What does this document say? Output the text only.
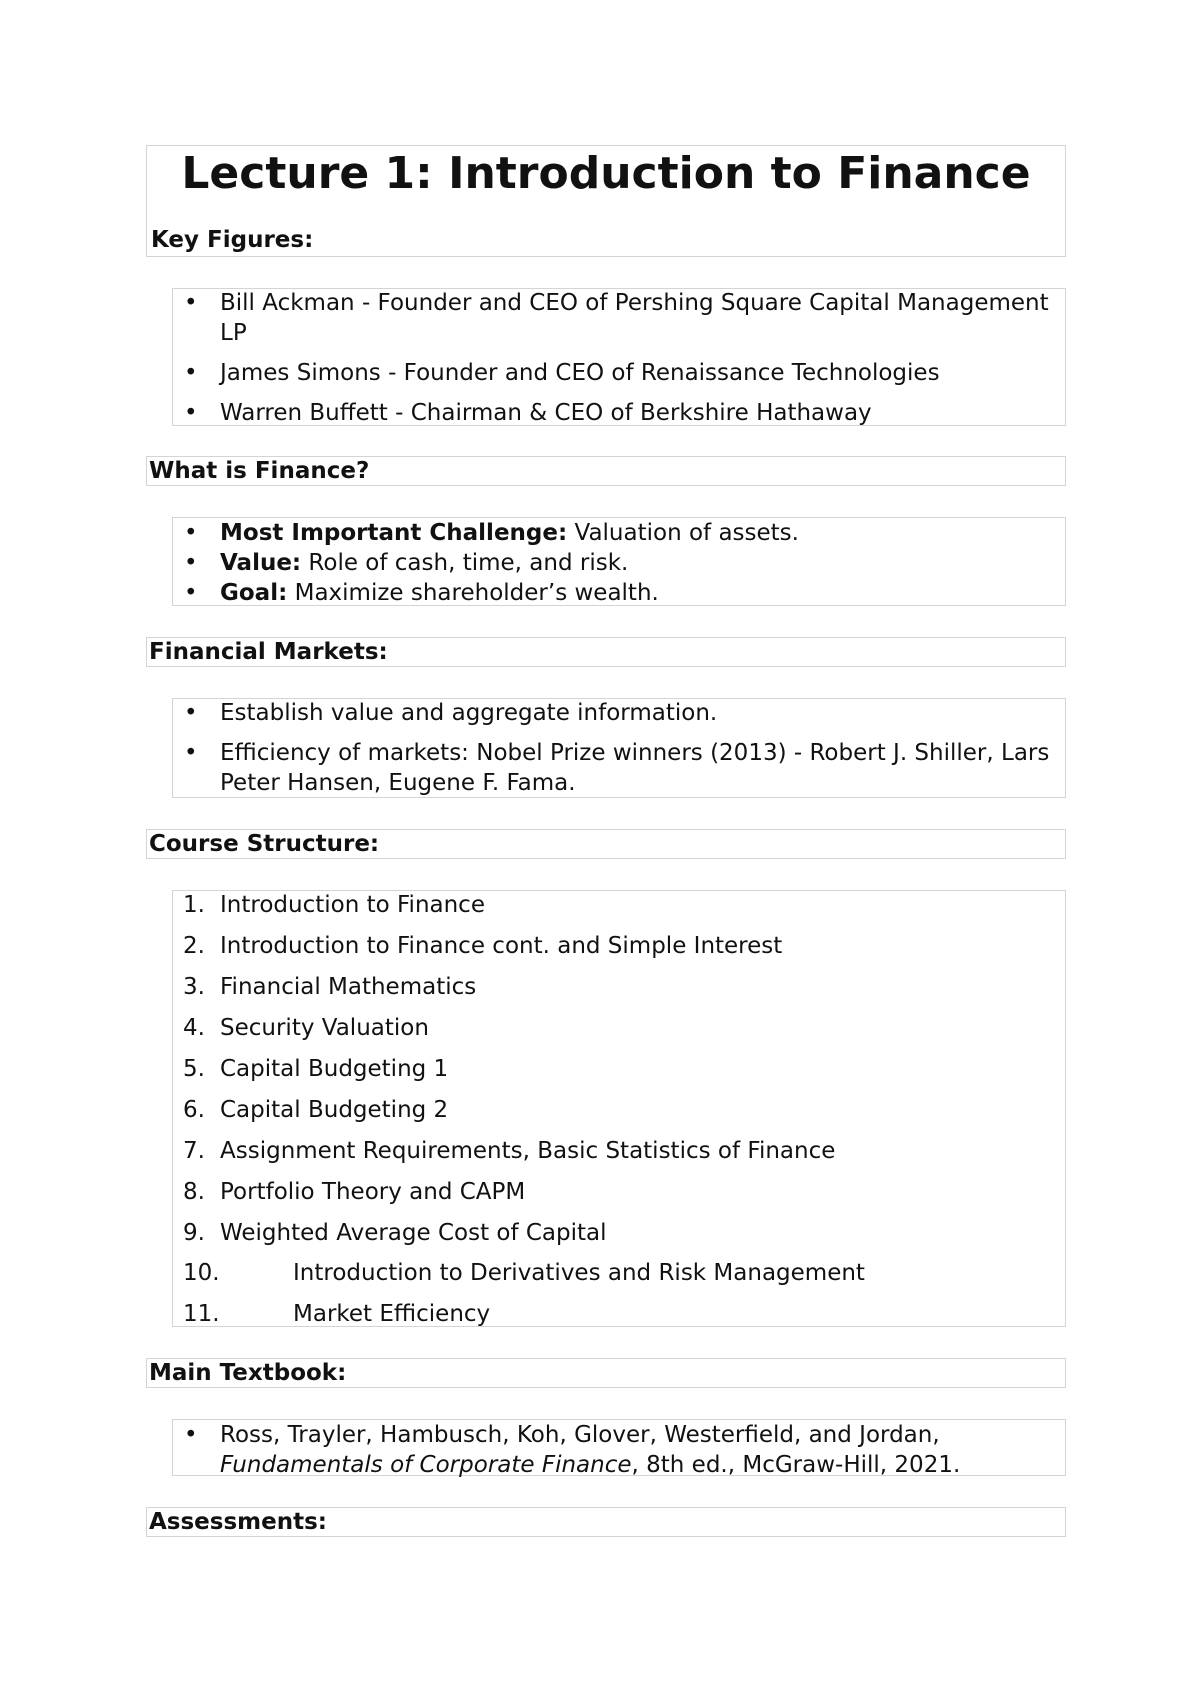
Lecture 1: Introduction to Finance
Key Figures:
• Bill Ackman - Founder and CEO of Pershing Square Capital Management LP
• James Simons - Founder and CEO of Renaissance Technologies
• Warren Buffett - Chairman & CEO of Berkshire Hathaway
What is Finance?
• Most Important Challenge: Valuation of assets.
• Value: Role of cash, time, and risk.
• Goal: Maximize shareholder’s wealth.
Financial Markets:
• Establish value and aggregate information.
• Efficiency of markets: Nobel Prize winners (2013) - Robert J. Shiller, Lars Peter Hansen, Eugene F. Fama.
Course Structure:
1. Introduction to Finance
2. Introduction to Finance cont. and Simple Interest
3. Financial Mathematics
4. Security Valuation
5. Capital Budgeting 1
6. Capital Budgeting 2
7. Assignment Requirements, Basic Statistics of Finance
8. Portfolio Theory and CAPM
9. Weighted Average Cost of Capital
10.	Introduction to Derivatives and Risk Management
11.	Market Efficiency
Main Textbook:
• Ross, Trayler, Hambusch, Koh, Glover, Westerfield, and Jordan, Fundamentals of Corporate Finance, 8th ed., McGraw-Hill, 2021.
Assessments:
